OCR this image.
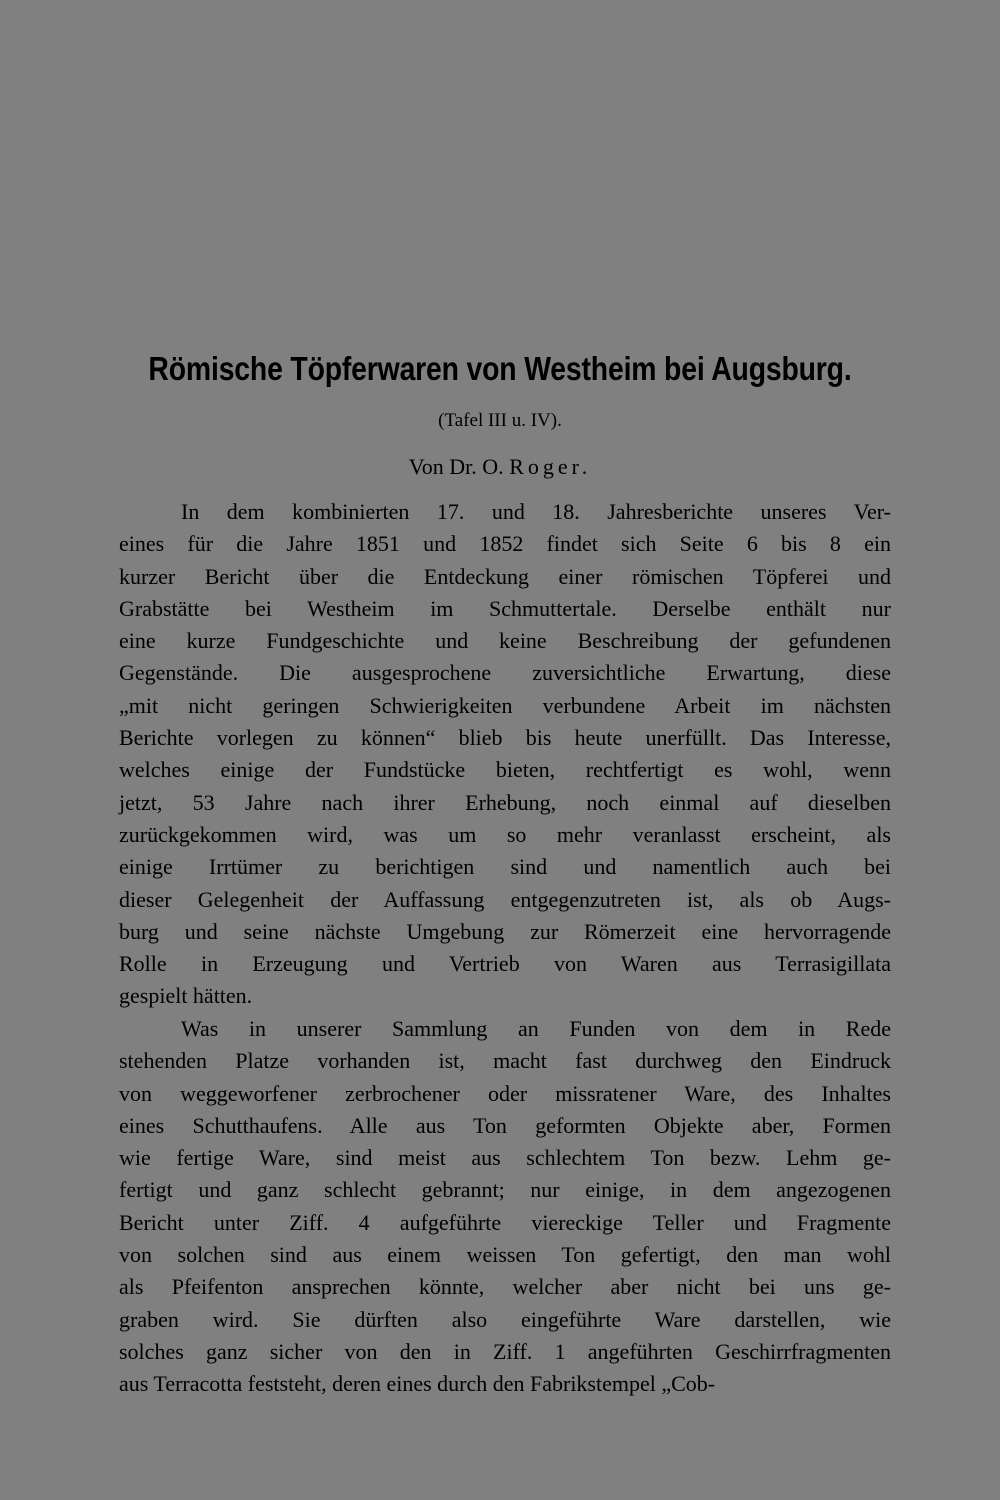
Römische Töpferwaren von Westheim bei Augsburg.
(Tafel III u. IV).
Von Dr. O. Roger.
In dem kombinierten 17. und 18. Jahresberichte unseres Ver-
eines für die Jahre 1851 und 1852 findet sich Seite 6 bis 8 ein
kurzer Bericht über die Entdeckung einer römischen Töpferei und
Grabstätte bei Westheim im Schmuttertale. Derselbe enthält nur
eine kurze Fundgeschichte und keine Beschreibung der gefundenen
Gegenstände. Die ausgesprochene zuversichtliche Erwartung, diese
„mit nicht geringen Schwierigkeiten verbundene Arbeit im nächsten
Berichte vorlegen zu können“ blieb bis heute unerfüllt. Das Interesse,
welches einige der Fundstücke bieten, rechtfertigt es wohl, wenn
jetzt, 53 Jahre nach ihrer Erhebung, noch einmal auf dieselben
zurückgekommen wird, was um so mehr veranlasst erscheint, als
einige Irrtümer zu berichtigen sind und namentlich auch bei
dieser Gelegenheit der Auffassung entgegenzutreten ist, als ob Augs-
burg und seine nächste Umgebung zur Römerzeit eine hervorragende
Rolle in Erzeugung und Vertrieb von Waren aus Terrasigillata
gespielt hätten.
Was in unserer Sammlung an Funden von dem in Rede
stehenden Platze vorhanden ist, macht fast durchweg den Eindruck
von weggeworfener zerbrochener oder missratener Ware, des Inhaltes
eines Schutthaufens. Alle aus Ton geformten Objekte aber, Formen
wie fertige Ware, sind meist aus schlechtem Ton bezw. Lehm ge-
fertigt und ganz schlecht gebrannt; nur einige, in dem angezogenen
Bericht unter Ziff. 4 aufgeführte viereckige Teller und Fragmente
von solchen sind aus einem weissen Ton gefertigt, den man wohl
als Pfeifenton ansprechen könnte, welcher aber nicht bei uns ge-
graben wird. Sie dürften also eingeführte Ware darstellen, wie
solches ganz sicher von den in Ziff. 1 angeführten Geschirrfragmenten
aus Terracotta feststeht, deren eines durch den Fabrikstempel „Cob-
